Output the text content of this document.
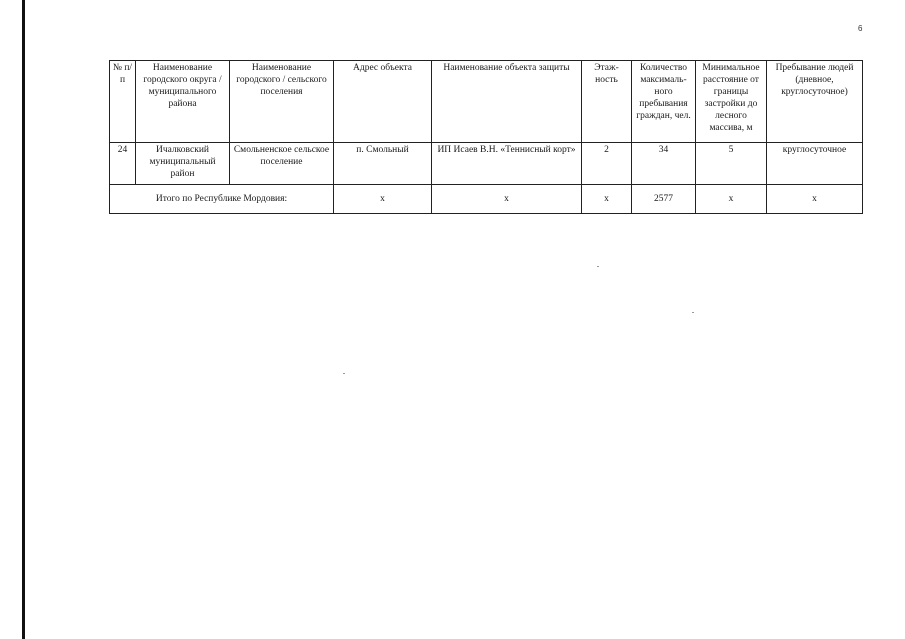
6
№ п/п	Наименование городского округа / муниципального района	Наименование городского / сельского поселения	Адрес объекта	Наименование объекта защиты	Этаж- ность	Количество максималь- ного пребывания граждан, чел.	Минимальное расстояние от границы застройки до лесного массива, м	Пребывание людей (дневное, круглосуточное)
24	Ичалковский муниципальный район	Смольненское сельское поселение	п. Смольный	ИП Исаев В.Н. «Теннисный корт»	2	34	5	круглосуточное
Итого по Республике Мордовия:			х	х	х	2577	х	х
